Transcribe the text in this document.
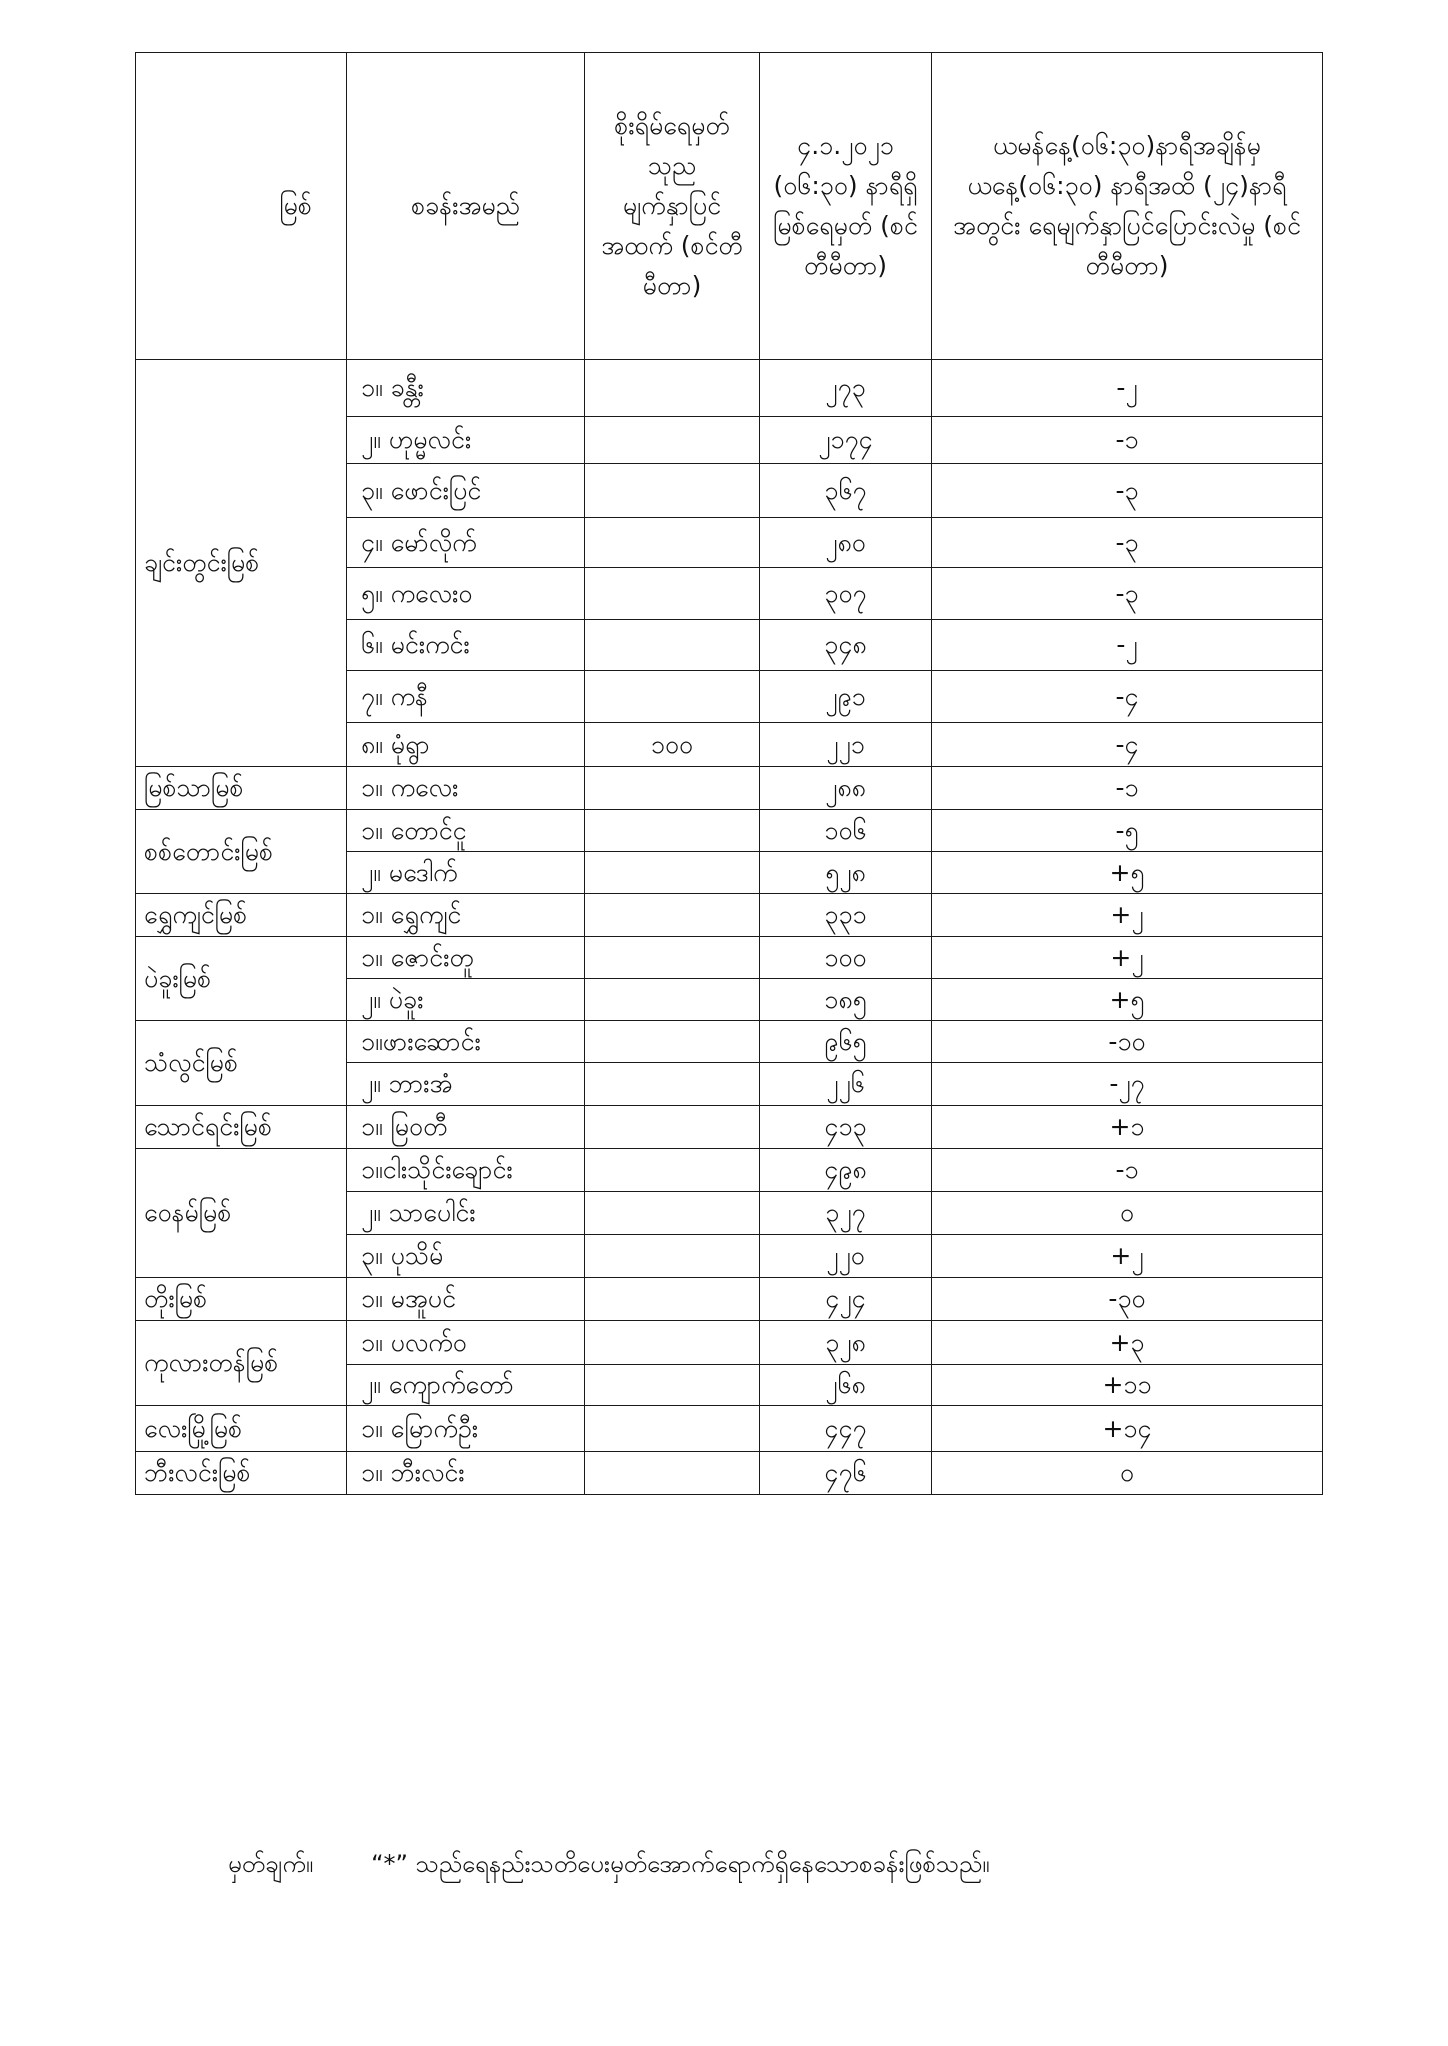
မြစ်	စခန်းအမည်	စိုးရိမ်ရေမှတ် သုည မျက်နှာပြင် အထက် (စင်တီမီတာ)	၄.၁.၂၀၂၁ (၀၆:၃၀) နာရီရှိ မြစ်ရေမှတ် (စင်တီမီတာ)	ယမန်နေ့(၀၆:၃၀)နာရီအချိန်မှ ယနေ့(၀၆:၃၀) နာရီအထိ (၂၄)နာရီအတွင်း ရေမျက်နှာပြင်ပြောင်းလဲမှု (စင်တီမီတာ)
ချင်းတွင်းမြစ်	၁။ ခန္တီး		၂၇၃	-၂
	၂။ ဟုမ္မလင်း		၂၁၇၄	-၁
	၃။ ဖောင်းပြင်		၃၆၇	-၃
	၄။ မော်လိုက်		၂၈၀	-၃
	၅။ ကလေးဝ		၃၀၇	-၃
	၆။ မင်းကင်း		၃၄၈	-၂
	၇။ ကနီ		၂၉၁	-၄
	၈။ မုံရွာ	၁၀၀	၂၂၁	-၄
မြစ်သာမြစ်	၁။ ကလေး		၂၈၈	-၁
စစ်တောင်းမြစ်	၁။ တောင်ငူ		၁၀၆	-၅
	၂။ မဒေါက်		၅၂၈	+၅
ရွှေကျင်မြစ်	၁။ ရွှေကျင်		၃၃၁	+၂
ပဲခူးမြစ်	၁။ ဇောင်းတူ		၁၀၀	+၂
	၂။ ပဲခူး		၁၈၅	+၅
သံလွင်မြစ်	၁။ဖားဆောင်း		၉၆၅	-၁၀
	၂။ ဘားအံ		၂၂၆	-၂၇
သောင်ရင်းမြစ်	၁။ မြဝတီ		၄၁၃	+၁
ဝေနမ်မြစ်	၁။ငါးသိုင်းချောင်း		၄၉၈	-၁
	၂။ သာပေါင်း		၃၂၇	၀
	၃။ ပုသိမ်		၂၂၀	+၂
တိုးမြစ်	၁။ မအူပင်		၄၂၄	-၃၀
ကုလားတန်မြစ်	၁။ ပလက်ဝ		၃၂၈	+၃
	၂။ ကျောက်တော်		၂၆၈	+၁၁
လေးမြို့မြစ်	၁။ မြောက်ဦး		၄၄၇	+၁၄
ဘီးလင်းမြစ်	၁။ ဘီးလင်း		၄၇၆	၀
မှတ်ချက်။ “*” သည်ရေနည်းသတိပေးမှတ်အောက်ရောက်ရှိနေသောစခန်းဖြစ်သည်။
